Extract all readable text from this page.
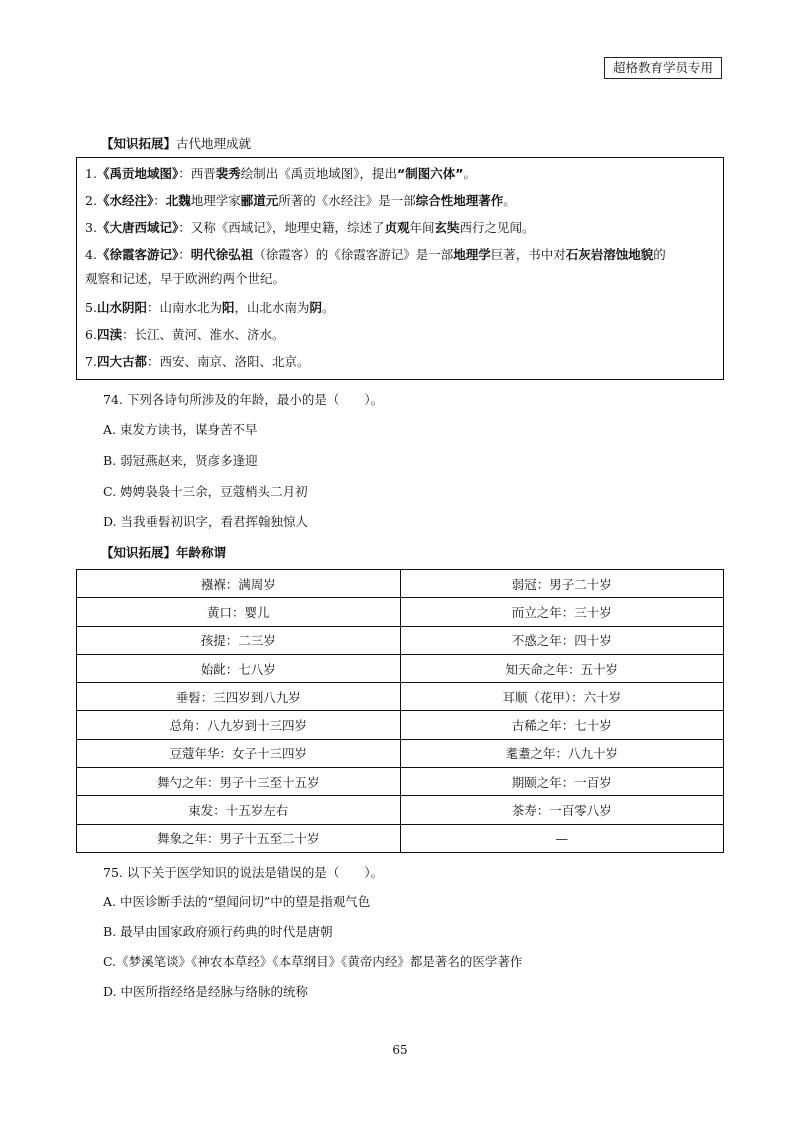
超格教育学员专用
【知识拓展】古代地理成就
1.《禹贡地域图》：西晋裴秀绘制出《禹贡地域图》，提出“制图六体”。
2.《水经注》：北魏地理学家郦道元所著的《水经注》是一部综合性地理著作。
3.《大唐西域记》：又称《西域记》，地理史籍，综述了贞观年间玄奘西行之见闻。
4.《徐霞客游记》：明代徐弘祖（徐霞客）的《徐霞客游记》是一部地理学巨著，书中对石灰岩溶蚀地貌的
观察和记述，早于欧洲约两个世纪。
5.山水阴阳：山南水北为阳，山北水南为阴。
6.四渎：长江、黄河、淮水、济水。
7.四大古都：西安、南京、洛阳、北京。
74. 下列各诗句所涉及的年龄，最小的是（　　）。
A. 束发方读书，谋身苦不早
B. 弱冠燕赵来，贤彦多逢迎
C. 娉娉袅袅十三余，豆蔻梢头二月初
D. 当我垂髫初识字，看君挥翰独惊人
【知识拓展】年龄称谓
襁褓：满周岁	弱冠：男子二十岁
黄口：婴儿	而立之年：三十岁
孩提：二三岁	不惑之年：四十岁
始龀：七八岁	知天命之年：五十岁
垂髫：三四岁到八九岁	耳顺（花甲）：六十岁
总角：八九岁到十三四岁	古稀之年：七十岁
豆蔻年华：女子十三四岁	耄耋之年：八九十岁
舞勺之年：男子十三至十五岁	期颐之年：一百岁
束发：十五岁左右	茶寿：一百零八岁
舞象之年：男子十五至二十岁	—
75. 以下关于医学知识的说法是错误的是（　　）。
A. 中医诊断手法的“望闻问切”中的望是指观气色
B. 最早由国家政府颁行药典的时代是唐朝
C.《梦溪笔谈》《神农本草经》《本草纲目》《黄帝内经》都是著名的医学著作
D. 中医所指经络是经脉与络脉的统称
65
